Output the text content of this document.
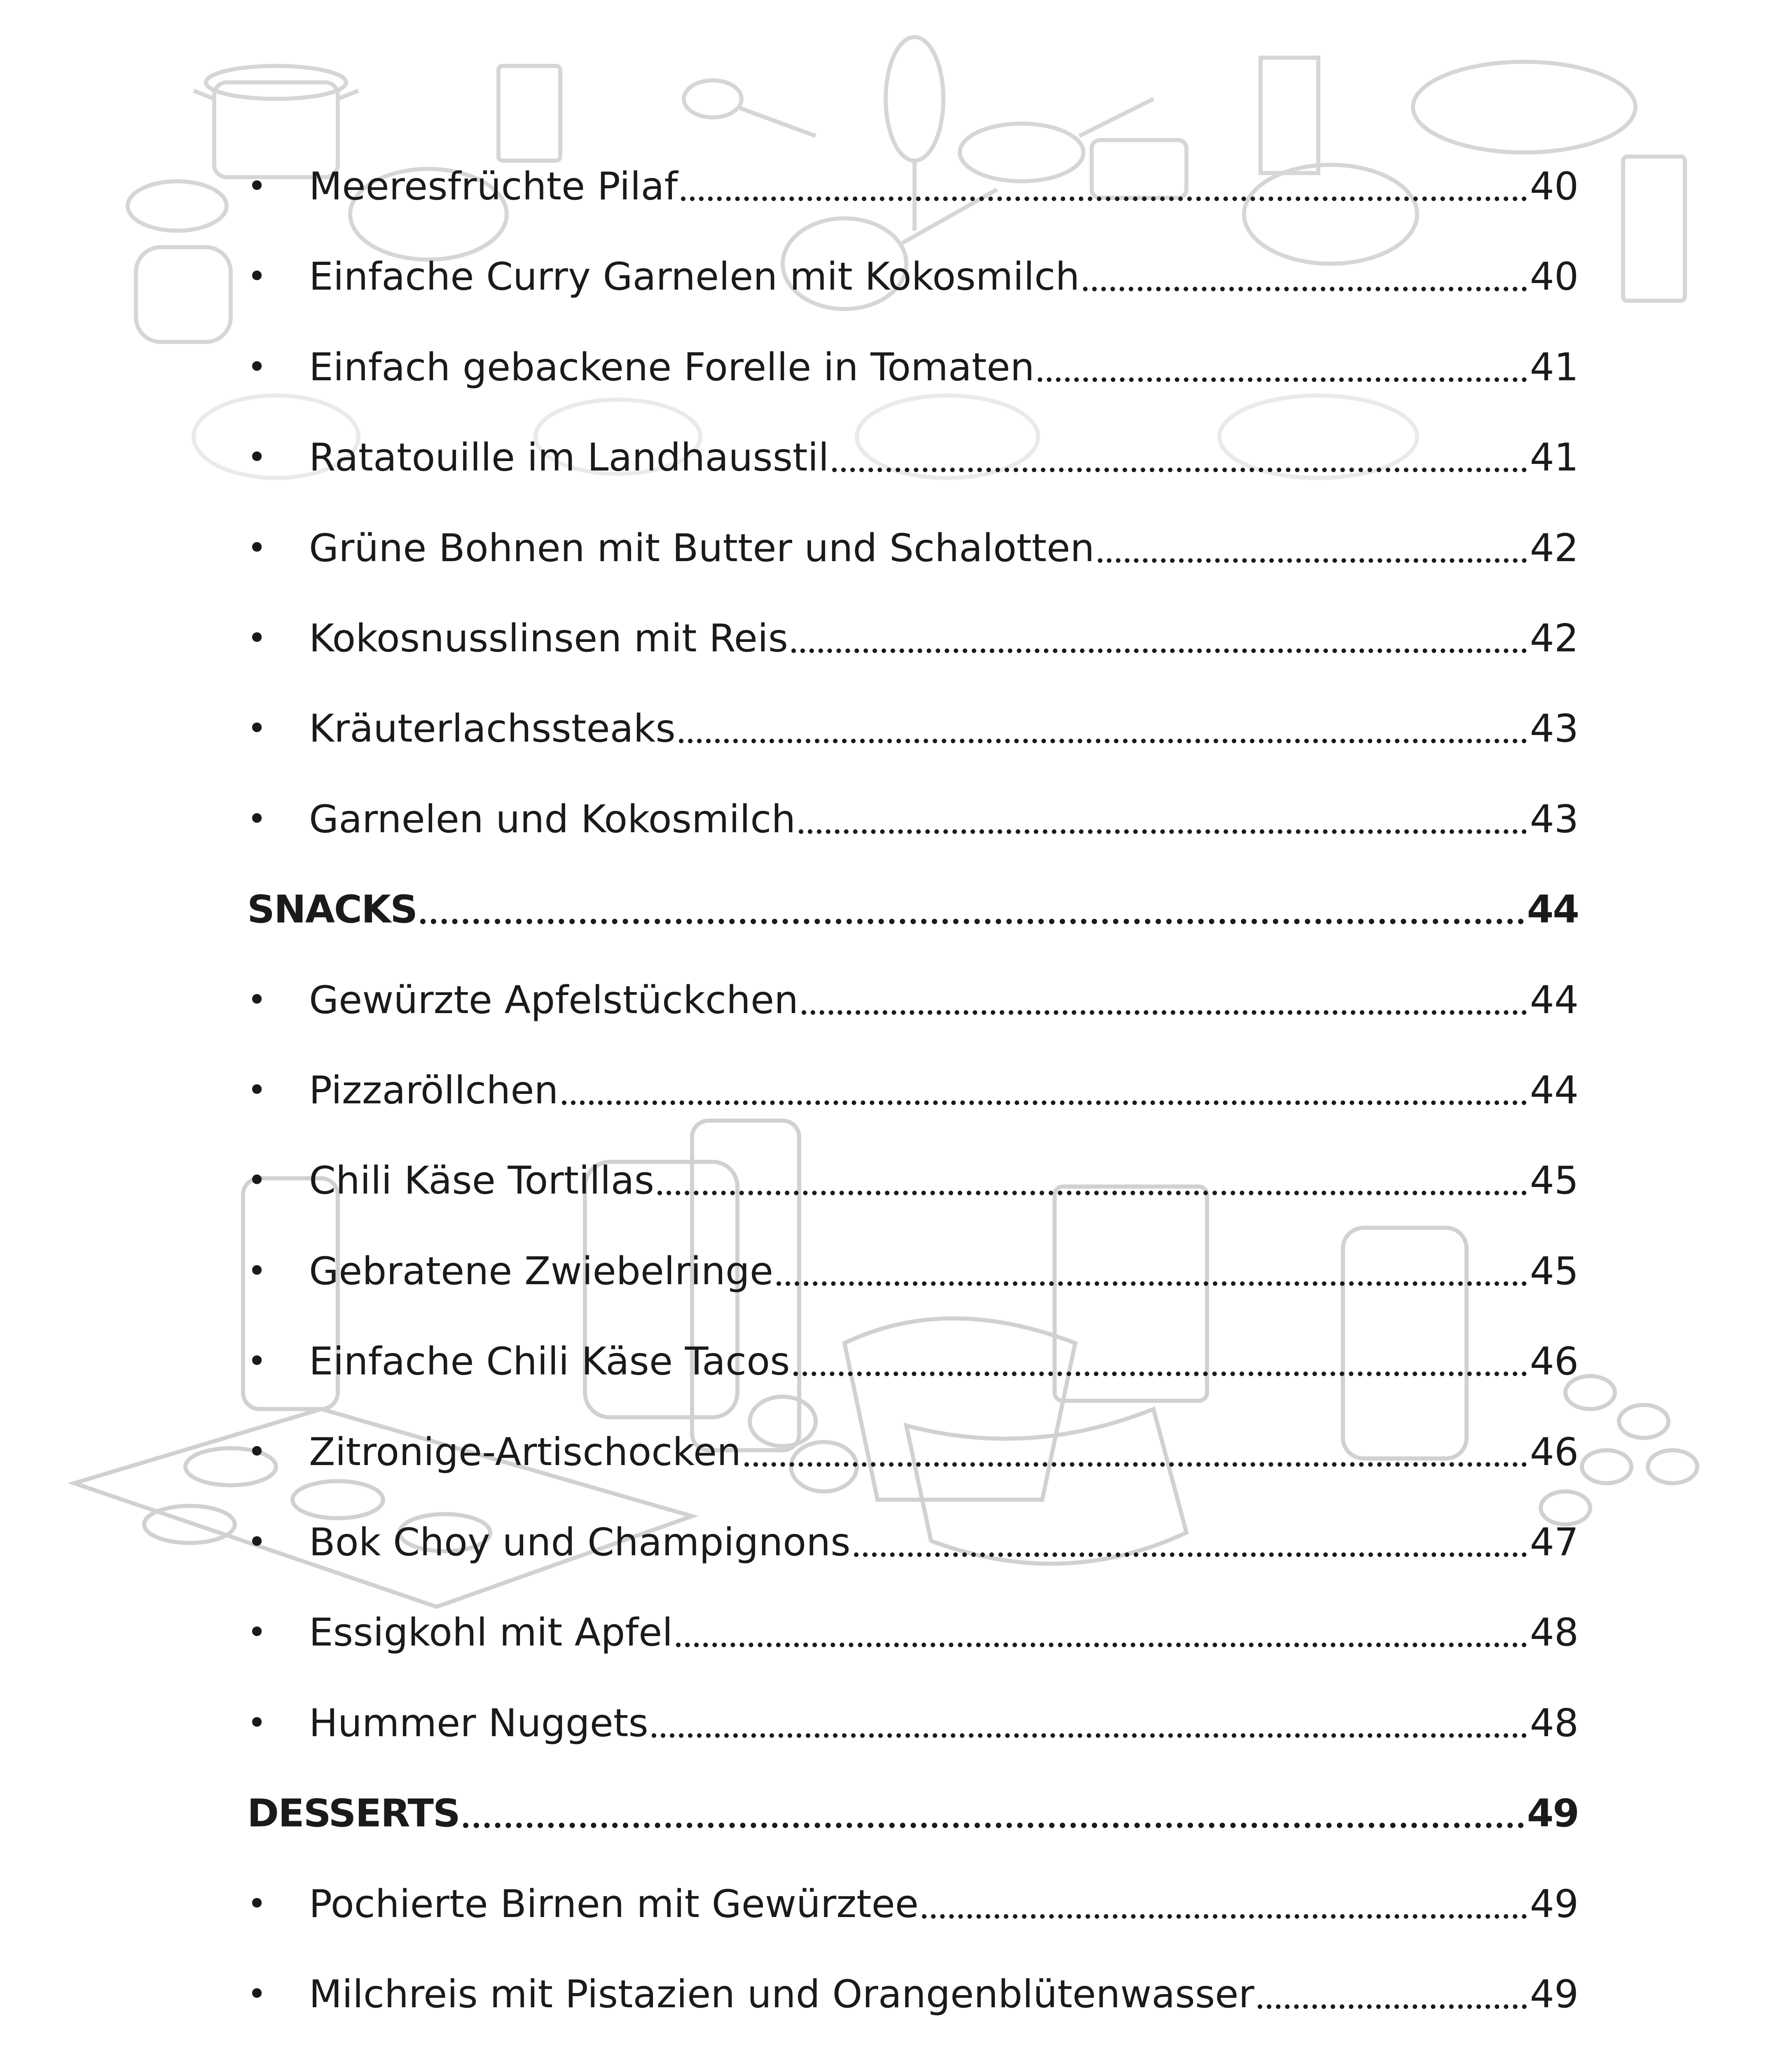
•	Meeresfrüchte Pilaf	40
•	Einfache Curry Garnelen mit Kokosmilch	40
•	Einfach gebackene Forelle in Tomaten	41
•	Ratatouille im Landhausstil	41
•	Grüne Bohnen mit Butter und Schalotten	42
•	Kokosnusslinsen mit Reis	42
•	Kräuterlachssteaks	43
•	Garnelen und Kokosmilch	43
SNACKS	44
•	Gewürzte Apfelstückchen	44
•	Pizzaröllchen	44
•	Chili Käse Tortillas	45
•	Gebratene Zwiebelringe	45
•	Einfache Chili Käse Tacos	46
•	Zitronige-Artischocken	46
•	Bok Choy und Champignons	47
•	Essigkohl mit Apfel	48
•	Hummer Nuggets	48
DESSERTS	49
•	Pochierte Birnen mit Gewürztee	49
•	Milchreis mit Pistazien und Orangenblütenwasser	49
